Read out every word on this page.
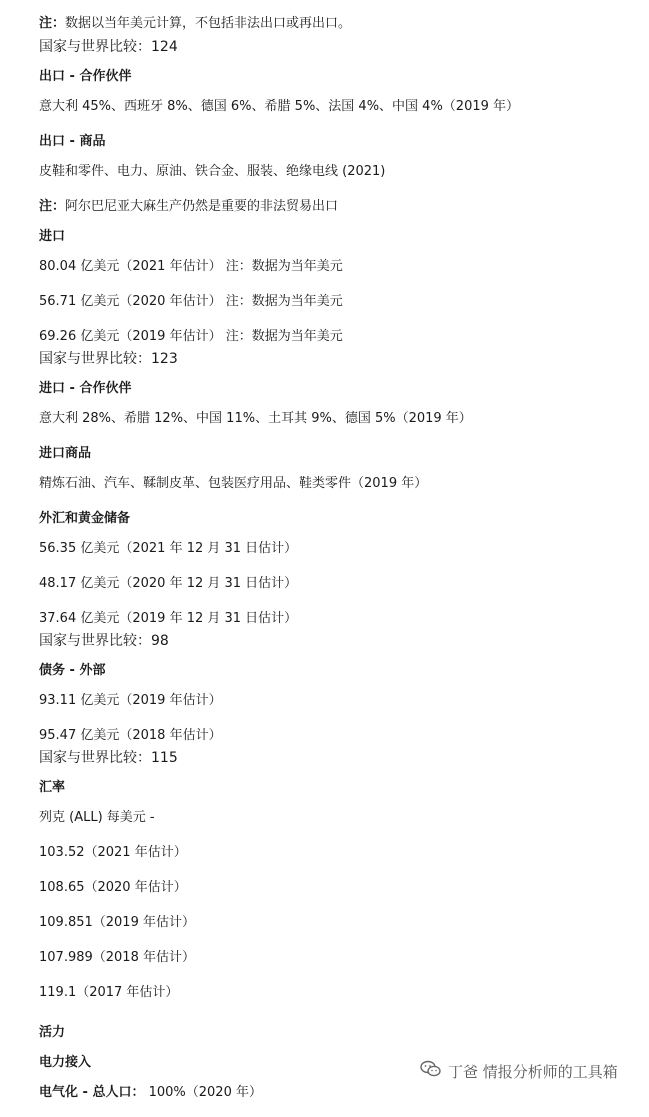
注：数据以当年美元计算，不包括非法出口或再出口。
国家与世界比较：124
出口 - 合作伙伴
意大利 45%、西班牙 8%、德国 6%、希腊 5%、法国 4%、中国 4%（2019 年）
出口 - 商品
皮鞋和零件、电力、原油、铁合金、服装、绝缘电线 (2021)
注：阿尔巴尼亚大麻生产仍然是重要的非法贸易出口
进口
80.04 亿美元（2021 年估计） 注：数据为当年美元
56.71 亿美元（2020 年估计） 注：数据为当年美元
69.26 亿美元（2019 年估计） 注：数据为当年美元
国家与世界比较：123
进口 - 合作伙伴
意大利 28%、希腊 12%、中国 11%、土耳其 9%、德国 5%（2019 年）
进口商品
精炼石油、汽车、鞣制皮革、包装医疗用品、鞋类零件（2019 年）
外汇和黄金储备
56.35 亿美元（2021 年 12 月 31 日估计）
48.17 亿美元（2020 年 12 月 31 日估计）
37.64 亿美元（2019 年 12 月 31 日估计）
国家与世界比较：98
债务 - 外部
93.11 亿美元（2019 年估计）
95.47 亿美元（2018 年估计）
国家与世界比较：115
汇率
列克 (ALL) 每美元 -
103.52（2021 年估计）
108.65（2020 年估计）
109.851（2019 年估计）
107.989（2018 年估计）
119.1（2017 年估计）
活力
电力接入
电气化 - 总人口： 100%（2020 年）
丁爸 情报分析师的工具箱
